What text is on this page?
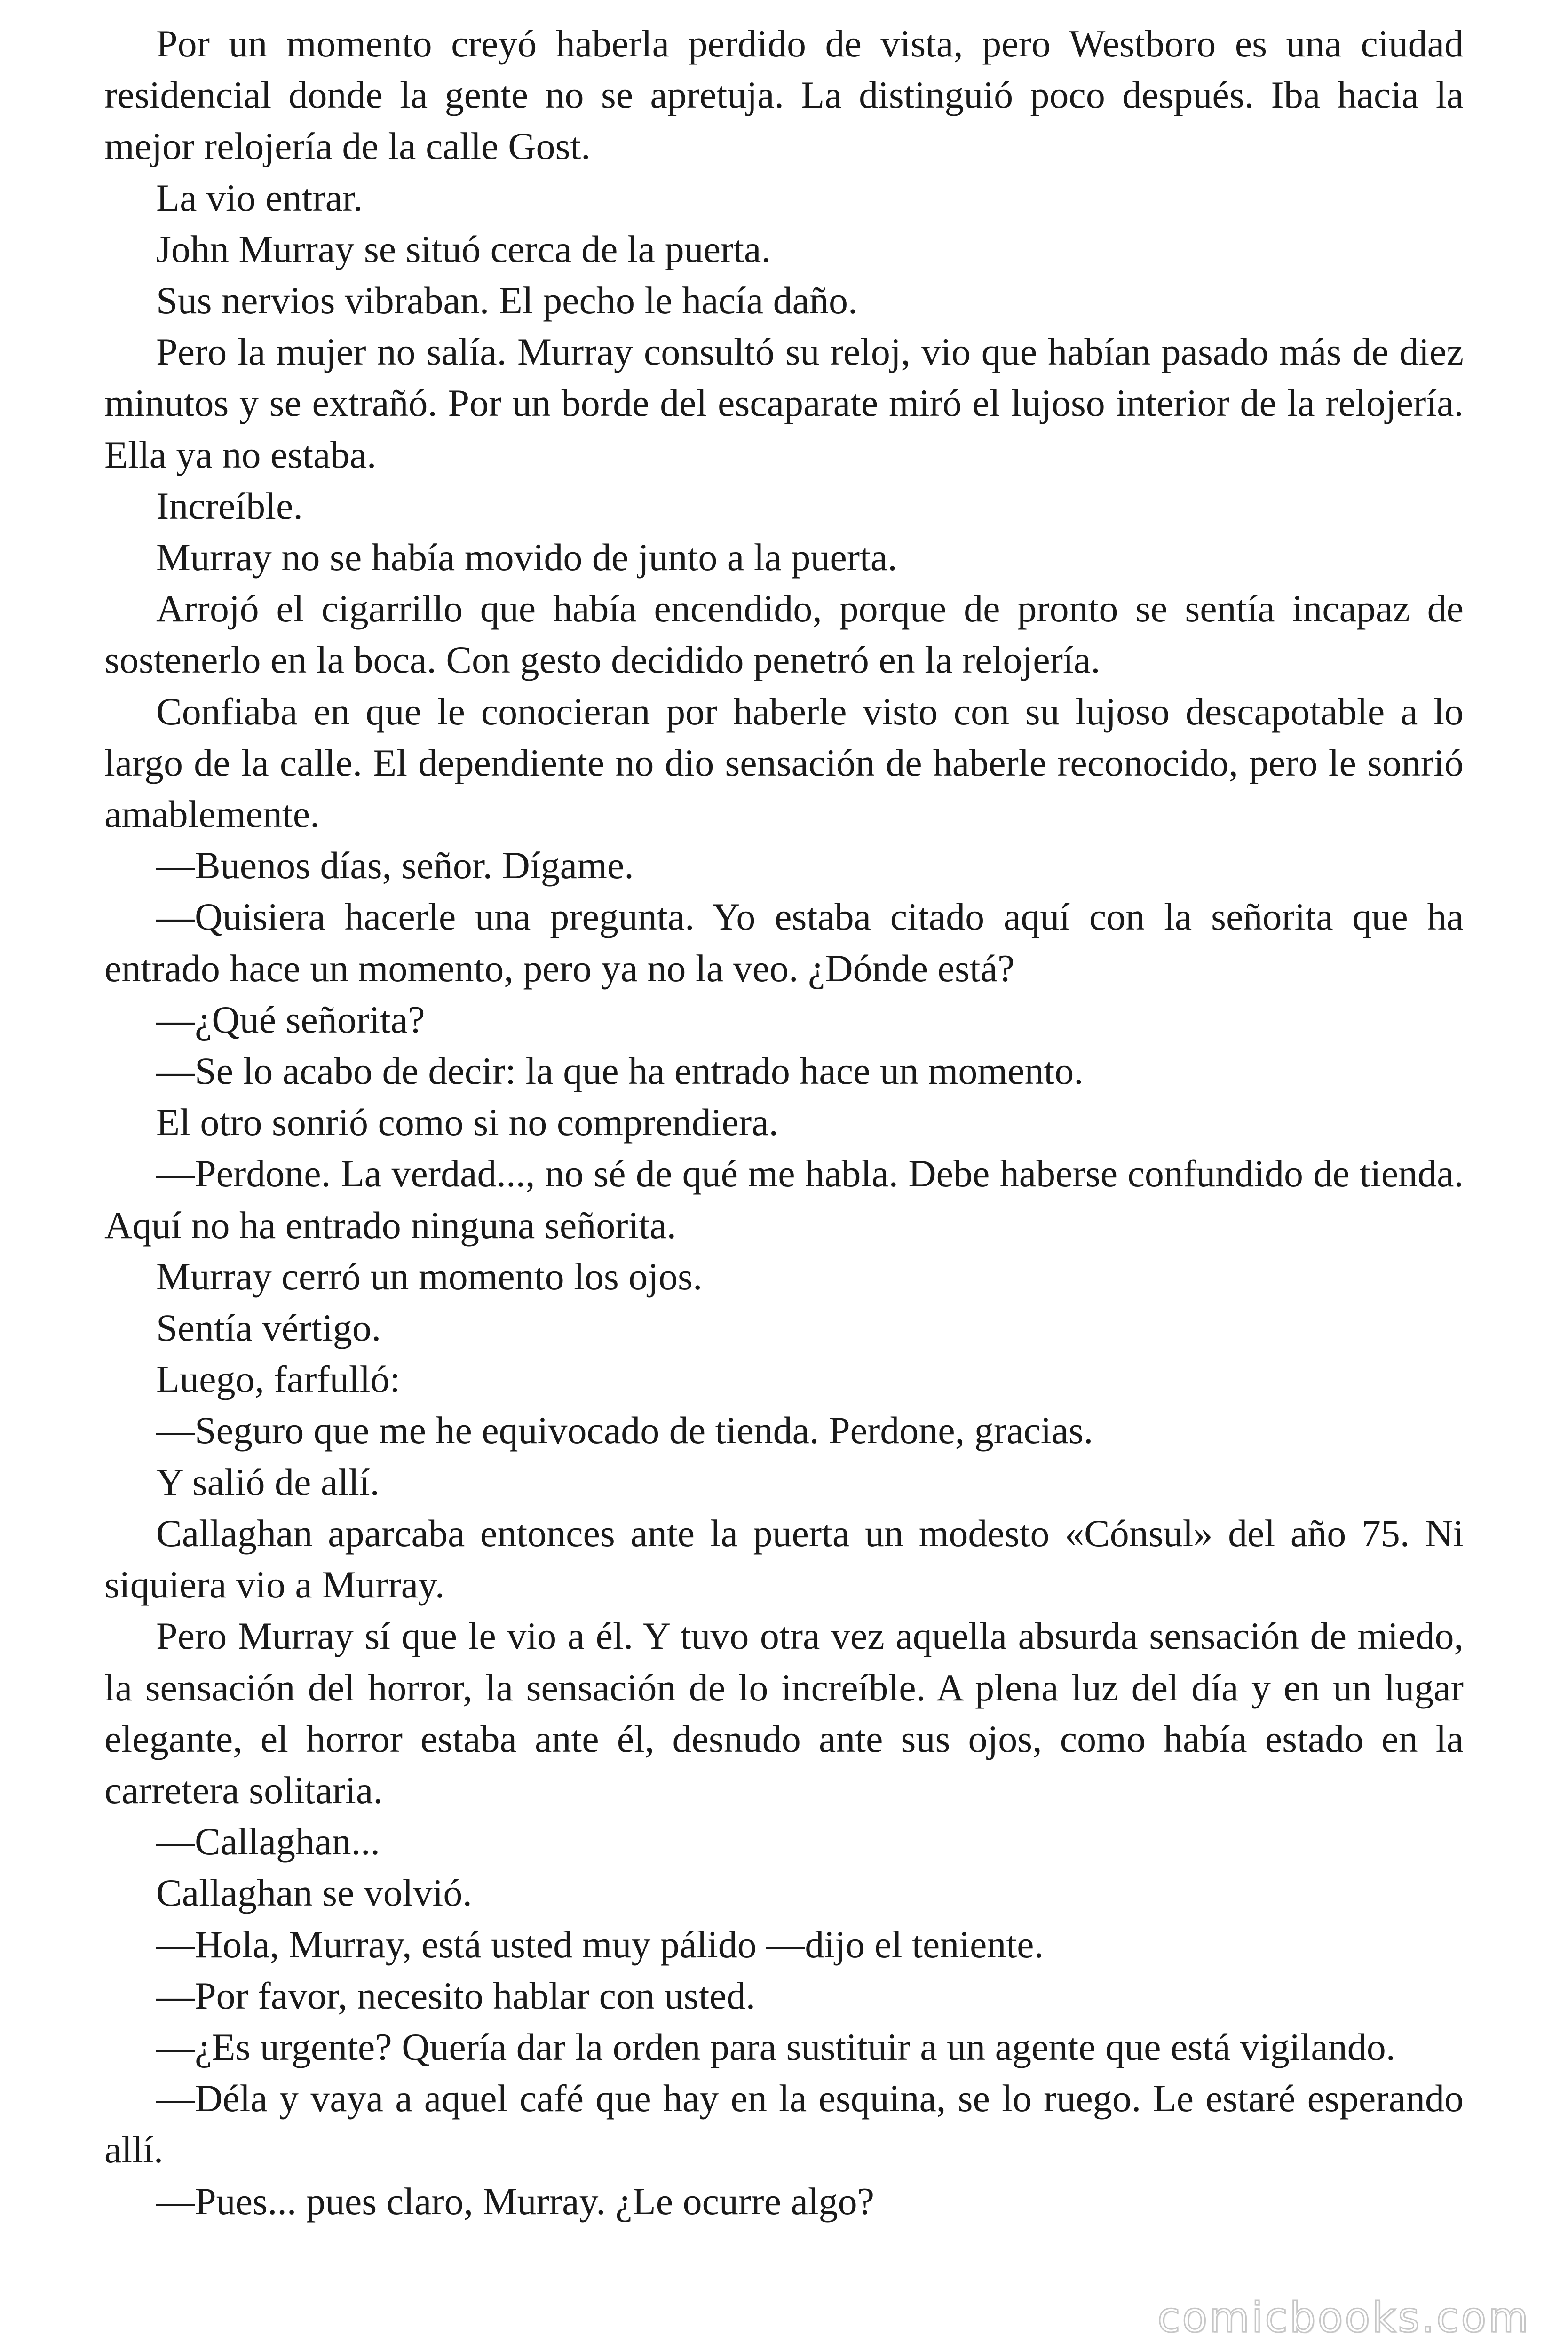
Por un momento creyó haberla perdido de vista, pero Westboro es una ciudad residencial donde la gente no se apretuja. La distinguió poco después. Iba hacia la mejor relojería de la calle Gost.

La vio entrar.

John Murray se situó cerca de la puerta.

Sus nervios vibraban. El pecho le hacía daño.

Pero la mujer no salía. Murray consultó su reloj, vio que habían pasado más de diez minutos y se extrañó. Por un borde del escaparate miró el lujoso interior de la relojería. Ella ya no estaba.

Increíble.

Murray no se había movido de junto a la puerta.

Arrojó el cigarrillo que había encendido, porque de pronto se sentía incapaz de sostenerlo en la boca. Con gesto decidido penetró en la relojería.

Confiaba en que le conocieran por haberle visto con su lujoso descapotable a lo largo de la calle. El dependiente no dio sensación de haberle reconocido, pero le sonrió amablemente.

—Buenos días, señor. Dígame.

—Quisiera hacerle una pregunta. Yo estaba citado aquí con la señorita que ha entrado hace un momento, pero ya no la veo. ¿Dónde está?

—¿Qué señorita?

—Se lo acabo de decir: la que ha entrado hace un momento.

El otro sonrió como si no comprendiera.

—Perdone. La verdad..., no sé de qué me habla. Debe haberse confundido de tienda. Aquí no ha entrado ninguna señorita.

Murray cerró un momento los ojos.

Sentía vértigo.

Luego, farfulló:

—Seguro que me he equivocado de tienda. Perdone, gracias.

Y salió de allí.

Callaghan aparcaba entonces ante la puerta un modesto «Cónsul» del año 75. Ni siquiera vio a Murray.

Pero Murray sí que le vio a él. Y tuvo otra vez aquella absurda sensación de miedo, la sensación del horror, la sensación de lo increíble. A plena luz del día y en un lugar elegante, el horror estaba ante él, desnudo ante sus ojos, como había estado en la carretera solitaria.

—Callaghan...

Callaghan se volvió.

—Hola, Murray, está usted muy pálido —dijo el teniente.

—Por favor, necesito hablar con usted.

—¿Es urgente? Quería dar la orden para sustituir a un agente que está vigilando.

—Déla y vaya a aquel café que hay en la esquina, se lo ruego. Le estaré esperando allí.

—Pues... pues claro, Murray. ¿Le ocurre algo?

comicbooks.com
